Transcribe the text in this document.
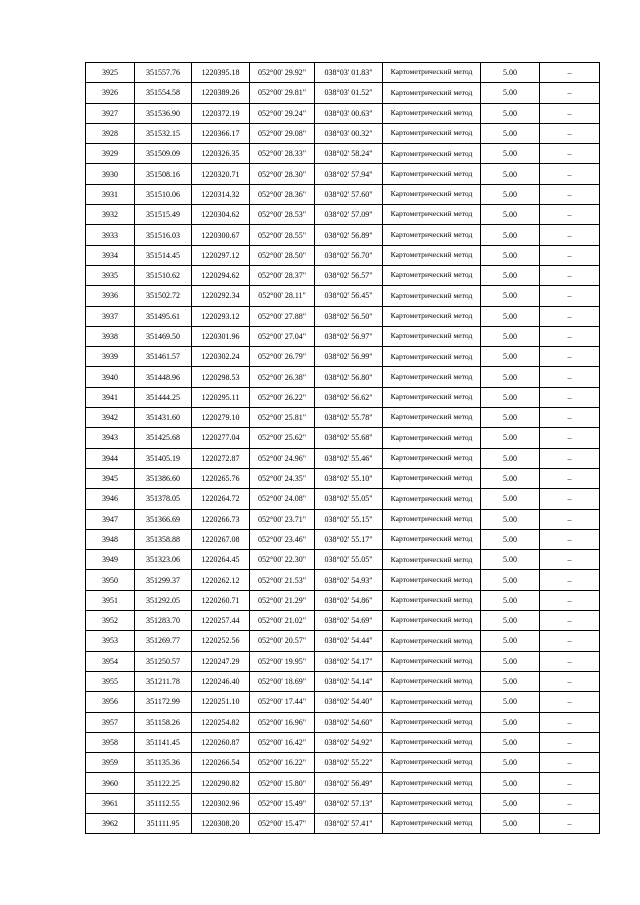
3925	351557.76	1220395.18	052°00' 29.92"	038°03' 01.83"	Картометрический метод	5.00	–
3926	351554.58	1220389.26	052°00' 29.81"	038°03' 01.52"	Картометрический метод	5.00	–
3927	351536.90	1220372.19	052°00' 29.24"	038°03' 00.63"	Картометрический метод	5.00	–
3928	351532.15	1220366.17	052°00' 29.08"	038°03' 00.32"	Картометрический метод	5.00	–
3929	351509.09	1220326.35	052°00' 28.33"	038°02' 58.24"	Картометрический метод	5.00	–
3930	351508.16	1220320.71	052°00' 28.30"	038°02' 57.94"	Картометрический метод	5.00	–
3931	351510.06	1220314.32	052°00' 28.36"	038°02' 57.60"	Картометрический метод	5.00	–
3932	351515.49	1220304.62	052°00' 28.53"	038°02' 57.09"	Картометрический метод	5.00	–
3933	351516.03	1220300.67	052°00' 28.55"	038°02' 56.89"	Картометрический метод	5.00	–
3934	351514.45	1220297.12	052°00' 28.50"	038°02' 56.70"	Картометрический метод	5.00	–
3935	351510.62	1220294.62	052°00' 28.37"	038°02' 56.57"	Картометрический метод	5.00	–
3936	351502.72	1220292.34	052°00' 28.11"	038°02' 56.45"	Картометрический метод	5.00	–
3937	351495.61	1220293.12	052°00' 27.88"	038°02' 56.50"	Картометрический метод	5.00	–
3938	351469.50	1220301.96	052°00' 27.04"	038°02' 56.97"	Картометрический метод	5.00	–
3939	351461.57	1220302.24	052°00' 26.79"	038°02' 56.99"	Картометрический метод	5.00	–
3940	351448.96	1220298.53	052°00' 26.38"	038°02' 56.80"	Картометрический метод	5.00	–
3941	351444.25	1220295.11	052°00' 26.22"	038°02' 56.62"	Картометрический метод	5.00	–
3942	351431.60	1220279.10	052°00' 25.81"	038°02' 55.78"	Картометрический метод	5.00	–
3943	351425.68	1220277.04	052°00' 25.62"	038°02' 55.68"	Картометрический метод	5.00	–
3944	351405.19	1220272.87	052°00' 24.96"	038°02' 55.46"	Картометрический метод	5.00	–
3945	351386.60	1220265.76	052°00' 24.35"	038°02' 55.10"	Картометрический метод	5.00	–
3946	351378.05	1220264.72	052°00' 24.08"	038°02' 55.05"	Картометрический метод	5.00	–
3947	351366.69	1220266.73	052°00' 23.71"	038°02' 55.15"	Картометрический метод	5.00	–
3948	351358.88	1220267.08	052°00' 23.46"	038°02' 55.17"	Картометрический метод	5.00	–
3949	351323.06	1220264.45	052°00' 22.30"	038°02' 55.05"	Картометрический метод	5.00	–
3950	351299.37	1220262.12	052°00' 21.53"	038°02' 54.93"	Картометрический метод	5.00	–
3951	351292.05	1220260.71	052°00' 21.29"	038°02' 54.86"	Картометрический метод	5.00	–
3952	351283.70	1220257.44	052°00' 21.02"	038°02' 54.69"	Картометрический метод	5.00	–
3953	351269.77	1220252.56	052°00' 20.57"	038°02' 54.44"	Картометрический метод	5.00	–
3954	351250.57	1220247.29	052°00' 19.95"	038°02' 54.17"	Картометрический метод	5.00	–
3955	351211.78	1220246.40	052°00' 18.69"	038°02' 54.14"	Картометрический метод	5.00	–
3956	351172.99	1220251.10	052°00' 17.44"	038°02' 54.40"	Картометрический метод	5.00	–
3957	351158.26	1220254.82	052°00' 16.96"	038°02' 54.60"	Картометрический метод	5.00	–
3958	351141.45	1220260.87	052°00' 16.42"	038°02' 54.92"	Картометрический метод	5.00	–
3959	351135.36	1220266.54	052°00' 16.22"	038°02' 55.22"	Картометрический метод	5.00	–
3960	351122.25	1220290.82	052°00' 15.80"	038°02' 56.49"	Картометрический метод	5.00	–
3961	351112.55	1220302.96	052°00' 15.49"	038°02' 57.13"	Картометрический метод	5.00	–
3962	351111.95	1220308.20	052°00' 15.47"	038°02' 57.41"	Картометрический метод	5.00	–
